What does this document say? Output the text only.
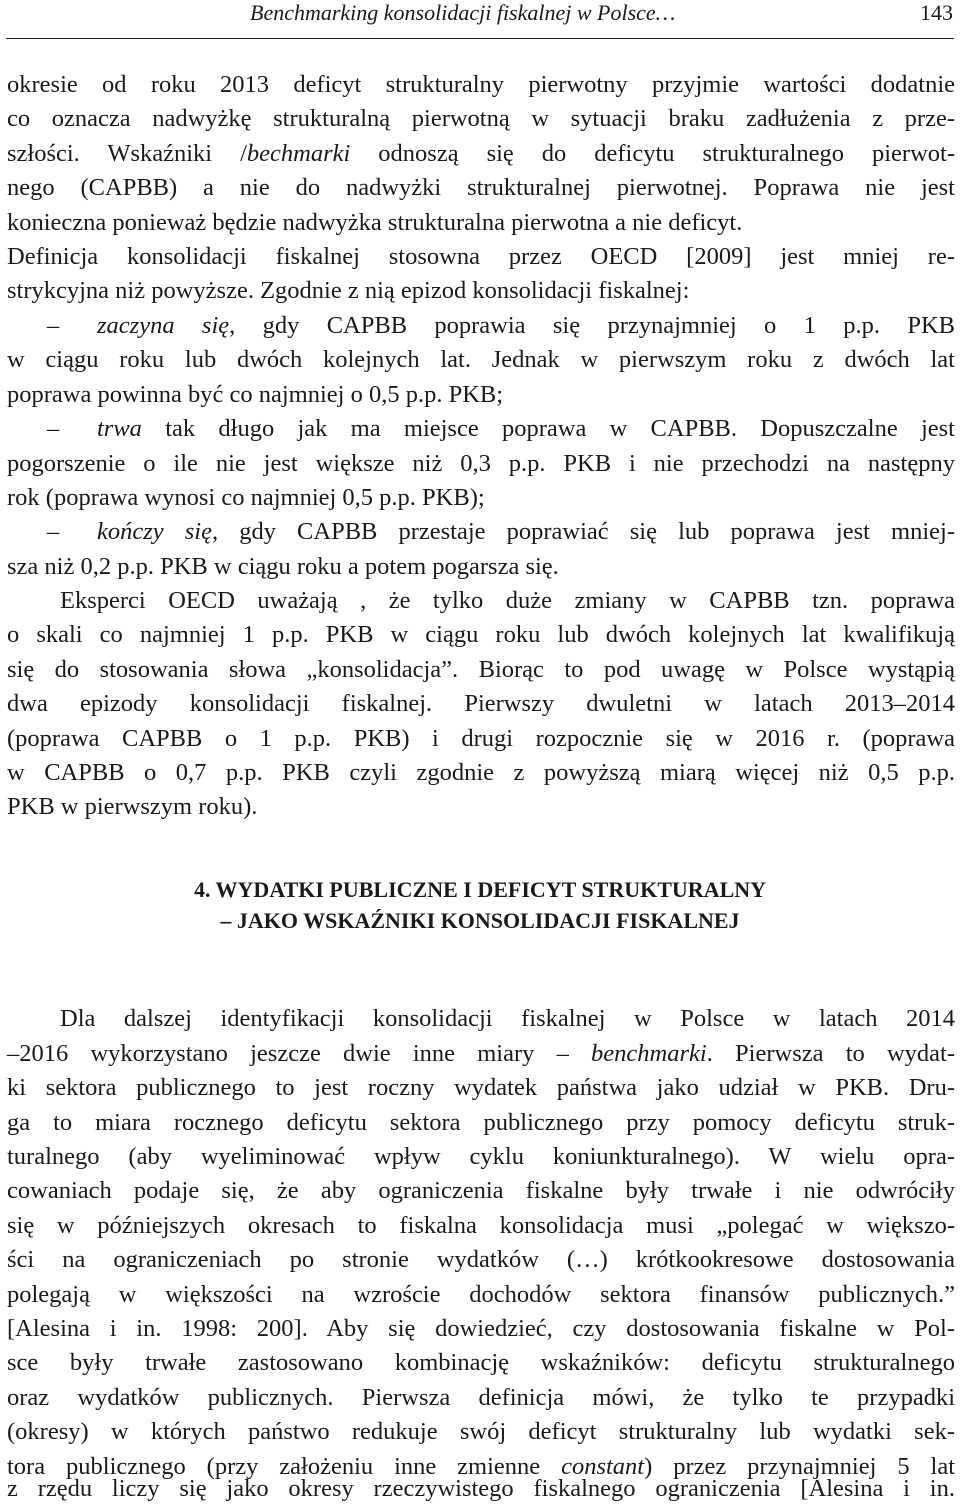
Benchmarking konsolidacji fiskalnej w Polsce…	143
okresie od roku 2013 deficyt strukturalny pierwotny przyjmie wartości dodatnie
co oznacza nadwyżkę strukturalną pierwotną w sytuacji braku zadłużenia z prze-
szłości. Wskaźniki /bechmarki odnoszą się do deficytu strukturalnego pierwot-
nego (CAPBB) a nie do nadwyżki strukturalnej pierwotnej. Poprawa nie jest
konieczna ponieważ będzie nadwyżka strukturalna pierwotna a nie deficyt.
Definicja konsolidacji fiskalnej stosowna przez OECD [2009] jest mniej re-
strykcyjna niż powyższe. Zgodnie z nią epizod konsolidacji fiskalnej:
– zaczyna się, gdy CAPBB poprawia się przynajmniej o 1 p.p. PKB
w ciągu roku lub dwóch kolejnych lat. Jednak w pierwszym roku z dwóch lat
poprawa powinna być co najmniej o 0,5 p.p. PKB;
– trwa tak długo jak ma miejsce poprawa w CAPBB. Dopuszczalne jest
pogorszenie o ile nie jest większe niż 0,3 p.p. PKB i nie przechodzi na następny
rok (poprawa wynosi co najmniej 0,5 p.p. PKB);
– kończy się, gdy CAPBB przestaje poprawiać się lub poprawa jest mniej-
sza niż 0,2 p.p. PKB w ciągu roku a potem pogarsza się.
Eksperci OECD uważają , że tylko duże zmiany w CAPBB tzn. poprawa
o skali co najmniej 1 p.p. PKB w ciągu roku lub dwóch kolejnych lat kwalifikują
się do stosowania słowa „konsolidacja”. Biorąc to pod uwagę w Polsce wystąpią
dwa epizody konsolidacji fiskalnej. Pierwszy dwuletni w latach 2013–2014
(poprawa CAPBB o 1 p.p. PKB) i drugi rozpocznie się w 2016 r. (poprawa
w CAPBB o 0,7 p.p. PKB czyli zgodnie z powyższą miarą więcej niż 0,5 p.p.
PKB w pierwszym roku).
4. WYDATKI PUBLICZNE I DEFICYT STRUKTURALNY
– JAKO WSKAŹNIKI KONSOLIDACJI FISKALNEJ
Dla dalszej identyfikacji konsolidacji fiskalnej w Polsce w latach 2014
–2016 wykorzystano jeszcze dwie inne miary – benchmarki. Pierwsza to wydat-
ki sektora publicznego to jest roczny wydatek państwa jako udział w PKB. Dru-
ga to miara rocznego deficytu sektora publicznego przy pomocy deficytu struk-
turalnego (aby wyeliminować wpływ cyklu koniunkturalnego). W wielu opra-
cowaniach podaje się, że aby ograniczenia fiskalne były trwałe i nie odwróciły
się w późniejszych okresach to fiskalna konsolidacja musi „polegać w większo-
ści na ograniczeniach po stronie wydatków (…) krótkookresowe dostosowania
polegają w większości na wzroście dochodów sektora finansów publicznych.”
[Alesina i in. 1998: 200]. Aby się dowiedzieć, czy dostosowania fiskalne w Pol-
sce były trwałe zastosowano kombinację wskaźników: deficytu strukturalnego
oraz wydatków publicznych. Pierwsza definicja mówi, że tylko te przypadki
(okresy) w których państwo redukuje swój deficyt strukturalny lub wydatki sek-
tora publicznego (przy założeniu inne zmienne constant) przez przynajmniej 5 lat
z rzędu liczy się jako okresy rzeczywistego fiskalnego ograniczenia [Alesina i in.
